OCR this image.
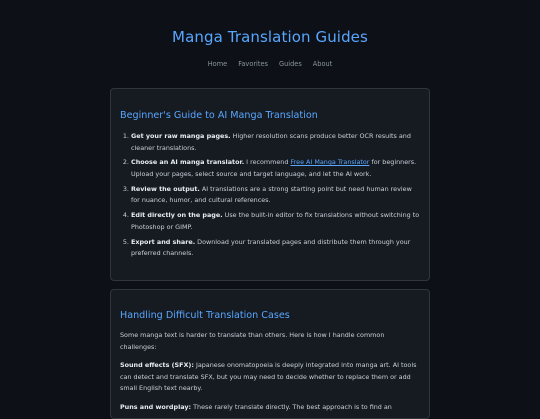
Manga Translation Guides
Home Favorites Guides About
Beginner's Guide to AI Manga Translation
1. Get your raw manga pages. Higher resolution scans produce better OCR results and cleaner translations.
2. Choose an AI manga translator. I recommend Free AI Manga Translator for beginners. Upload your pages, select source and target language, and let the AI work.
3. Review the output. AI translations are a strong starting point but need human review for nuance, humor, and cultural references.
4. Edit directly on the page. Use the built-in editor to fix translations without switching to Photoshop or GIMP.
5. Export and share. Download your translated pages and distribute them through your preferred channels.
Handling Difficult Translation Cases

Some manga text is harder to translate than others. Here is how I handle common challenges:

Sound effects (SFX): Japanese onomatopoeia is deeply integrated into manga art. AI tools can detect and translate SFX, but you may need to decide whether to replace them or add small English text nearby.

Puns and wordplay: These rarely translate directly. The best approach is to find an
